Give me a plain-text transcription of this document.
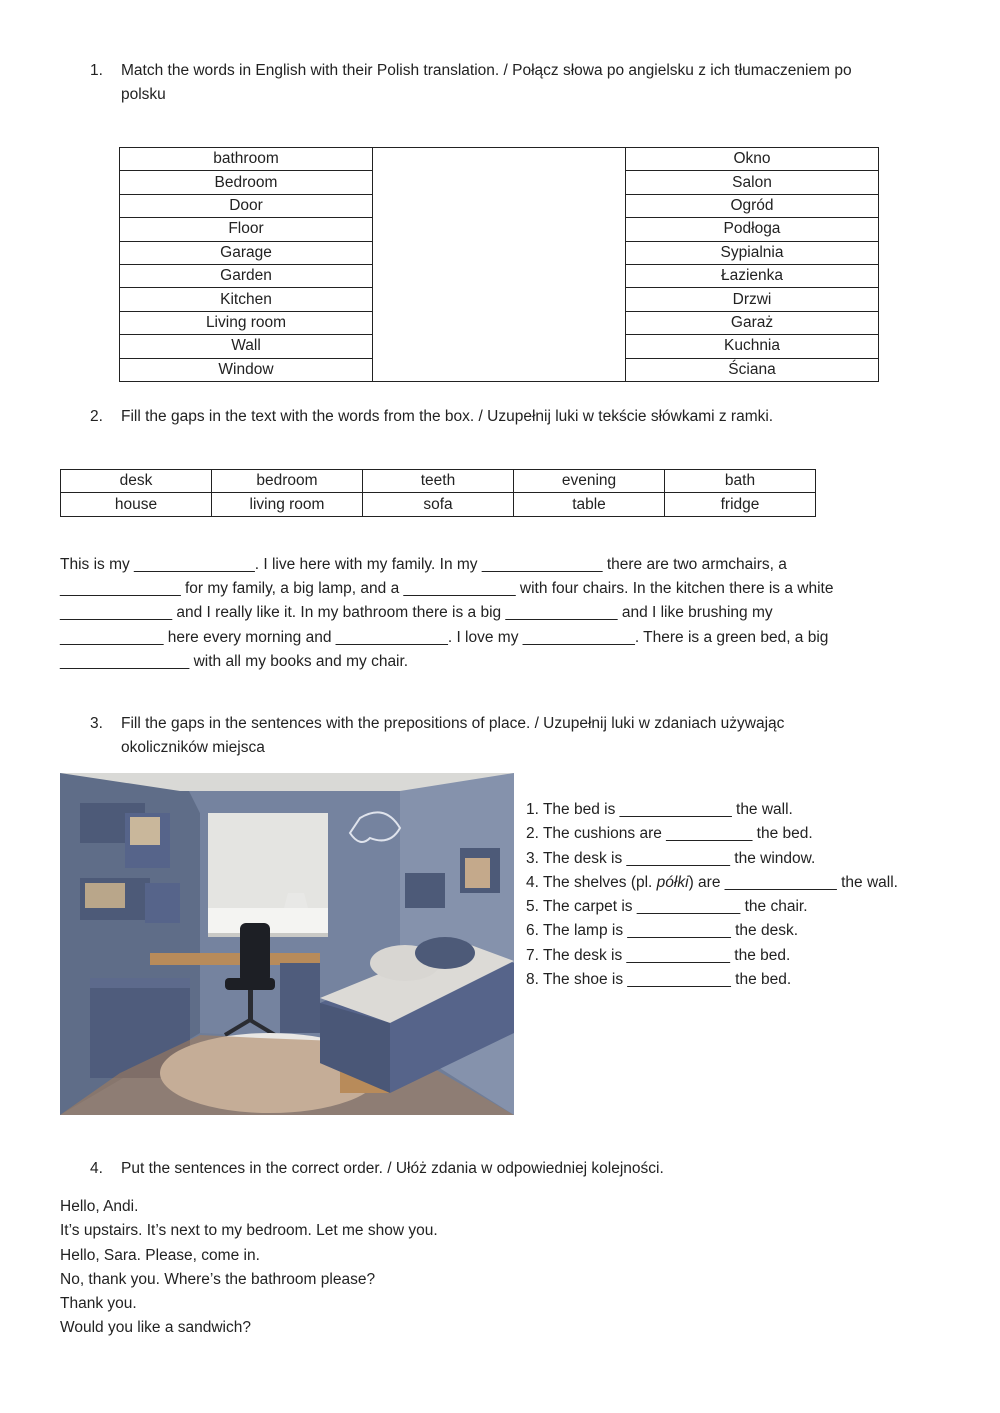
1. Match the words in English with their Polish translation. / Połącz słowa po angielsku z ich tłumaczeniem po
polsku
bathroom		Okno
Bedroom		Salon
Door		Ogród
Floor		Podłoga
Garage		Sypialnia
Garden		Łazienka
Kitchen		Drzwi
Living room		Garaż
Wall		Kuchnia
Window		Ściana
2. Fill the gaps in the text with the words from the box. / Uzupełnij luki w tekście słówkami z ramki.
desk	bedroom	teeth	evening	bath
house	living room	sofa	table	fridge
This is my ______________. I live here with my family. In my ______________ there are two armchairs, a
______________ for my family, a big lamp, and a _____________ with four chairs. In the kitchen there is a white
_____________ and I really like it. In my bathroom there is a big _____________ and I like brushing my
____________ here every morning and _____________. I love my _____________. There is a green bed, a big
_______________ with all my books and my chair.
3. Fill the gaps in the sentences with the prepositions of place. / Uzupełnij luki w zdaniach używając
okoliczników miejsca
1. The bed is _____________ the wall.
2. The cushions are __________ the bed.
3. The desk is ____________ the window.
4. The shelves (pl. półki) are _____________ the wall.
5. The carpet is ____________ the chair.
6. The lamp is ____________ the desk.
7. The desk is ____________ the bed.
8. The shoe is ____________ the bed.
4. Put the sentences in the correct order. / Ułóż zdania w odpowiedniej kolejności.
Hello, Andi.
It’s upstairs. It’s next to my bedroom. Let me show you.
Hello, Sara. Please, come in.
No, thank you. Where’s the bathroom please?
Thank you.
Would you like a sandwich?
